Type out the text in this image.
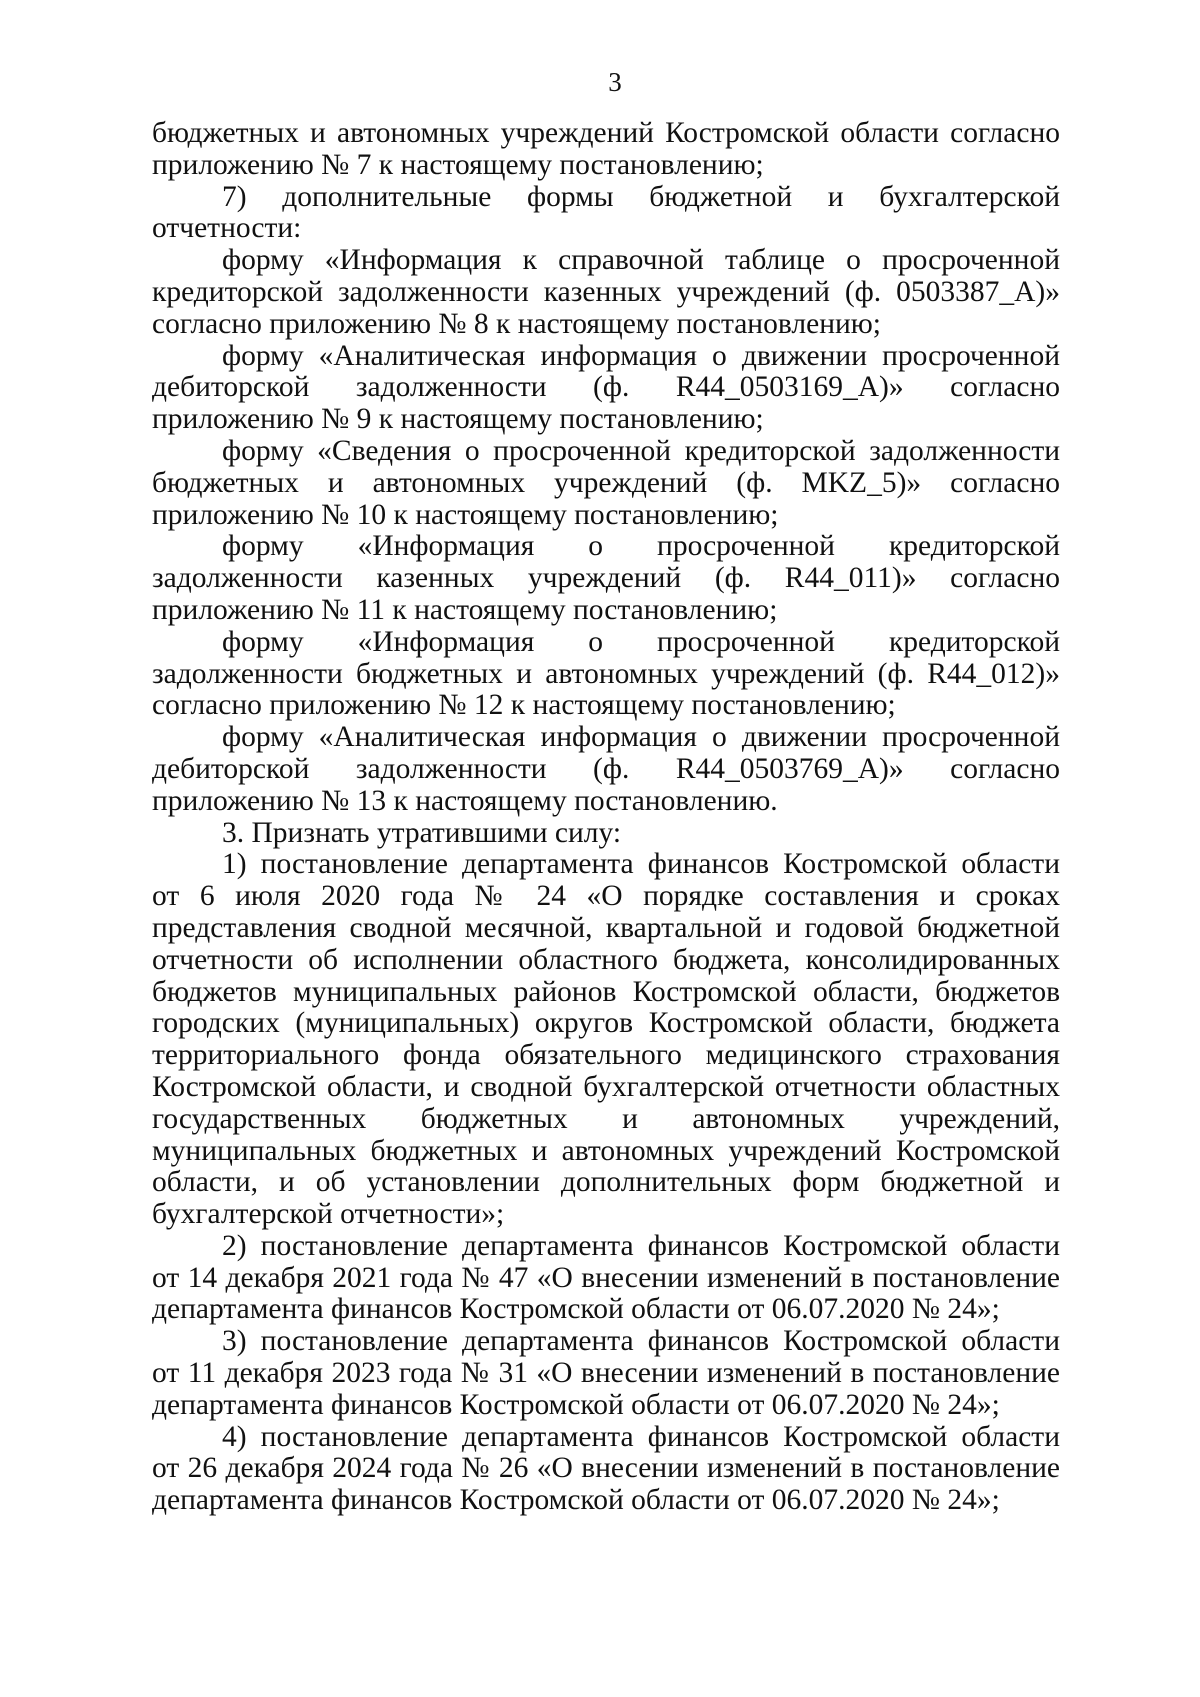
3

бюджетных и автономных учреждений Костромской области согласно приложению № 7 к настоящему постановлению;

7) дополнительные формы бюджетной и бухгалтерской отчетности:

форму «Информация к справочной таблице о просроченной кредиторской задолженности казенных учреждений (ф. 0503387_А)» согласно приложению № 8 к настоящему постановлению;

форму «Аналитическая информация о движении просроченной дебиторской задолженности (ф. R44_0503169_А)» согласно приложению № 9 к настоящему постановлению;

форму «Сведения о просроченной кредиторской задолженности бюджетных и автономных учреждений (ф. MKZ_5)» согласно приложению № 10 к настоящему постановлению;

форму «Информация о просроченной кредиторской задолженности казенных учреждений (ф. R44_011)» согласно приложению № 11 к настоящему постановлению;

форму «Информация о просроченной кредиторской задолженности бюджетных и автономных учреждений (ф. R44_012)» согласно приложению № 12 к настоящему постановлению;

форму «Аналитическая информация о движении просроченной дебиторской задолженности (ф. R44_0503769_А)» согласно приложению № 13 к настоящему постановлению.

3. Признать утратившими силу:

1) постановление департамента финансов Костромской области от 6 июля 2020 года № 24 «О порядке составления и сроках представления сводной месячной, квартальной и годовой бюджетной отчетности об исполнении областного бюджета, консолидированных бюджетов муниципальных районов Костромской области, бюджетов городских (муниципальных) округов Костромской области, бюджета территориального фонда обязательного медицинского страхования Костромской области, и сводной бухгалтерской отчетности областных государственных бюджетных и автономных учреждений, муниципальных бюджетных и автономных учреждений Костромской области, и об установлении дополнительных форм бюджетной и бухгалтерской отчетности»;

2) постановление департамента финансов Костромской области от 14 декабря 2021 года № 47 «О внесении изменений в постановление департамента финансов Костромской области от 06.07.2020 № 24»;

3) постановление департамента финансов Костромской области от 11 декабря 2023 года № 31 «О внесении изменений в постановление департамента финансов Костромской области от 06.07.2020 № 24»;

4) постановление департамента финансов Костромской области от 26 декабря 2024 года № 26 «О внесении изменений в постановление департамента финансов Костромской области от 06.07.2020 № 24»;
